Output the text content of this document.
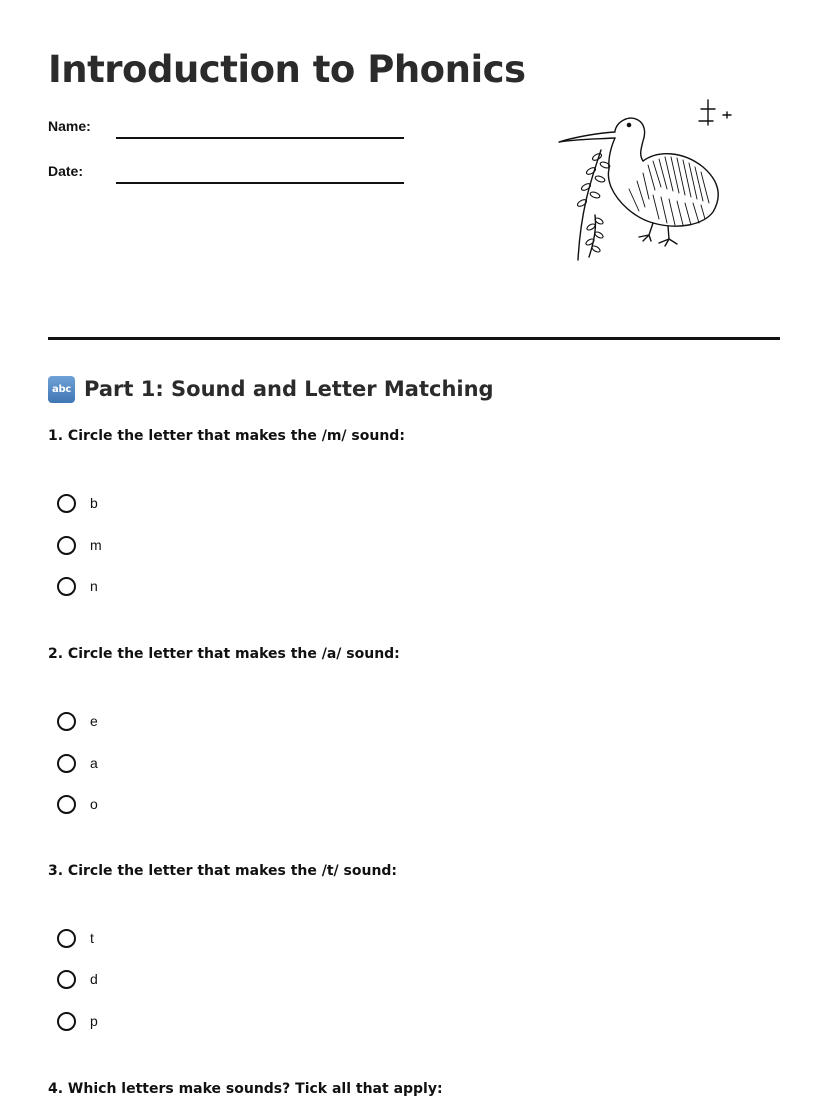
Introduction to Phonics
Name:
Date:
abc Part 1: Sound and Letter Matching
1. Circle the letter that makes the /m/ sound:
b
m
n
2. Circle the letter that makes the /a/ sound:
e
a
o
3. Circle the letter that makes the /t/ sound:
t
d
p
4. Which letters make sounds? Tick all that apply:
